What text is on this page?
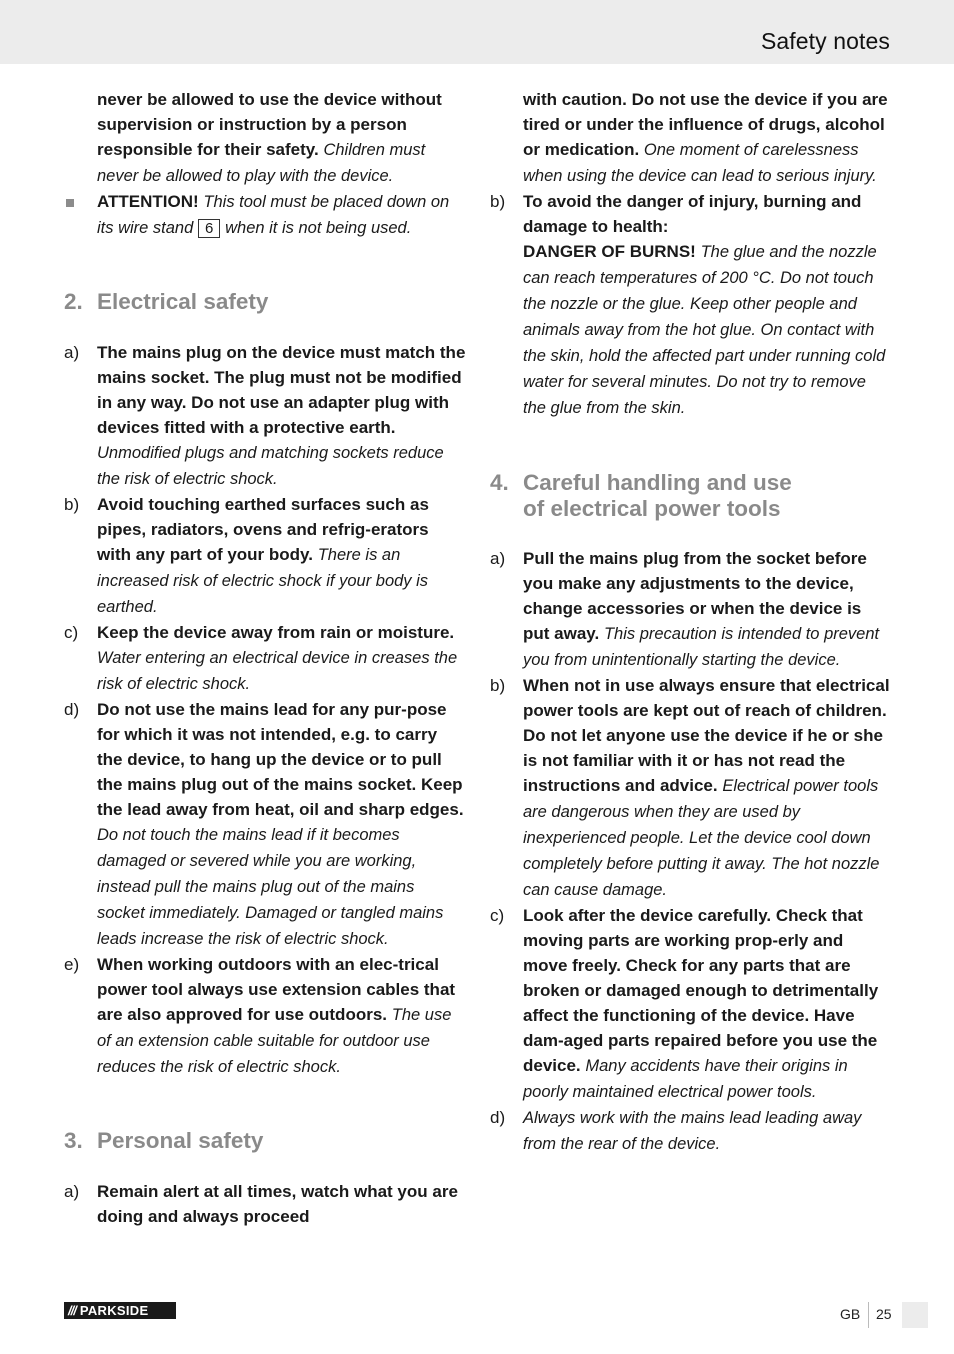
Safety notes
never be allowed to use the device without supervision or instruction by a person responsible for their safety. Children must never be allowed to play with the device.
ATTENTION! This tool must be placed down on its wire stand 6 when it is not being used.
2. Electrical safety
a) The mains plug on the device must match the mains socket. The plug must not be modified in any way. Do not use an adapter plug with devices fitted with a protective earth. Unmodified plugs and matching sockets reduce the risk of electric shock.
b) Avoid touching earthed surfaces such as pipes, radiators, ovens and refrig-erators with any part of your body. There is an increased risk of electric shock if your body is earthed.
c) Keep the device away from rain or moisture. Water entering an electrical device in creases the risk of electric shock.
d) Do not use the mains lead for any pur-pose for which it was not intended, e.g. to carry the device, to hang up the device or to pull the mains plug out of the mains socket. Keep the lead away from heat, oil and sharp edges. Do not touch the mains lead if it becomes damaged or severed while you are working, instead pull the mains plug out of the mains socket immediately. Damaged or tangled mains leads increase the risk of electric shock.
e) When working outdoors with an elec-trical power tool always use extension cables that are also approved for use outdoors. The use of an extension cable suitable for outdoor use reduces the risk of electric shock.
3. Personal safety
a) Remain alert at all times, watch what you are doing and always proceed
with caution. Do not use the device if you are tired or under the influence of drugs, alcohol or medication. One moment of carelessness when using the device can lead to serious injury.
b) To avoid the danger of injury, burning and damage to health:
DANGER OF BURNS! The glue and the nozzle can reach temperatures of 200 °C. Do not touch the nozzle or the glue. Keep other people and animals away from the hot glue. On contact with the skin, hold the affected part under running cold water for several minutes. Do not try to remove the glue from the skin.
4. Careful handling and use
of electrical power tools
a) Pull the mains plug from the socket before you make any adjustments to the device, change accessories or when the device is put away. This precaution is intended to prevent you from unintentionally starting the device.
b) When not in use always ensure that electrical power tools are kept out of reach of children. Do not let anyone use the device if he or she is not familiar with it or has not read the instructions and advice. Electrical power tools are dangerous when they are used by inexperienced people. Let the device cool down completely before putting it away. The hot nozzle can cause damage.
c) Look after the device carefully. Check that moving parts are working prop-erly and move freely. Check for any parts that are broken or damaged enough to detrimentally affect the functioning of the device. Have dam-aged parts repaired before you use the device. Many accidents have their origins in poorly maintained electrical power tools.
d) Always work with the mains lead leading away from the rear of the device.
/// PARKSIDE	GB 25
